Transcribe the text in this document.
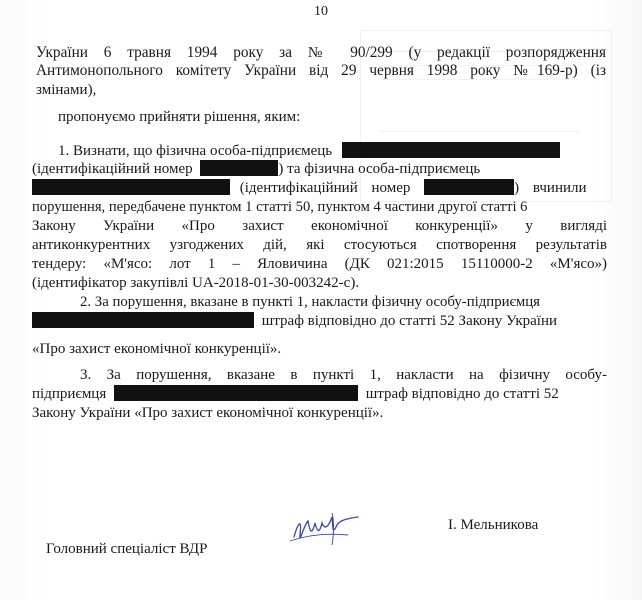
10
України 6 травня 1994 року за № 90/299 (у редакції розпорядження
Антимонопольного комітету України від 29 червня 1998 року №169-р) (із
змінами),
пропонуємо прийняти рішення, яким:
1. Визнати, що фізична особа-підприємець
(ідентифікаційний номер	) та фізична особа-підприємець
(ідентифікаційний номер	) вчинили
порушення, передбачене пунктом 1 статті 50, пунктом 4 частини другої статті 6
Закону України «Про захист економічної конкуренції» у вигляді
антиконкурентних узгоджених дій, які стосуються спотворення результатів
тендеру: «М'ясо: лот 1 – Яловичина (ДК 021:2015 15110000-2 «М'ясо»)
(ідентифікатор закупівлі UA-2018-01-30-003242-с).
2. За порушення, вказане в пункті 1, накласти фізичну особу-підприємця
штраф відповідно до статті 52 Закону України
«Про захист економічної конкуренції».
3. За порушення, вказане в пункті 1, накласти на фізичну особу-
підприємця	штраф відповідно до статті 52
Закону України «Про захист економічної конкуренції».
Головний спеціаліст ВДР
І. Мельникова
